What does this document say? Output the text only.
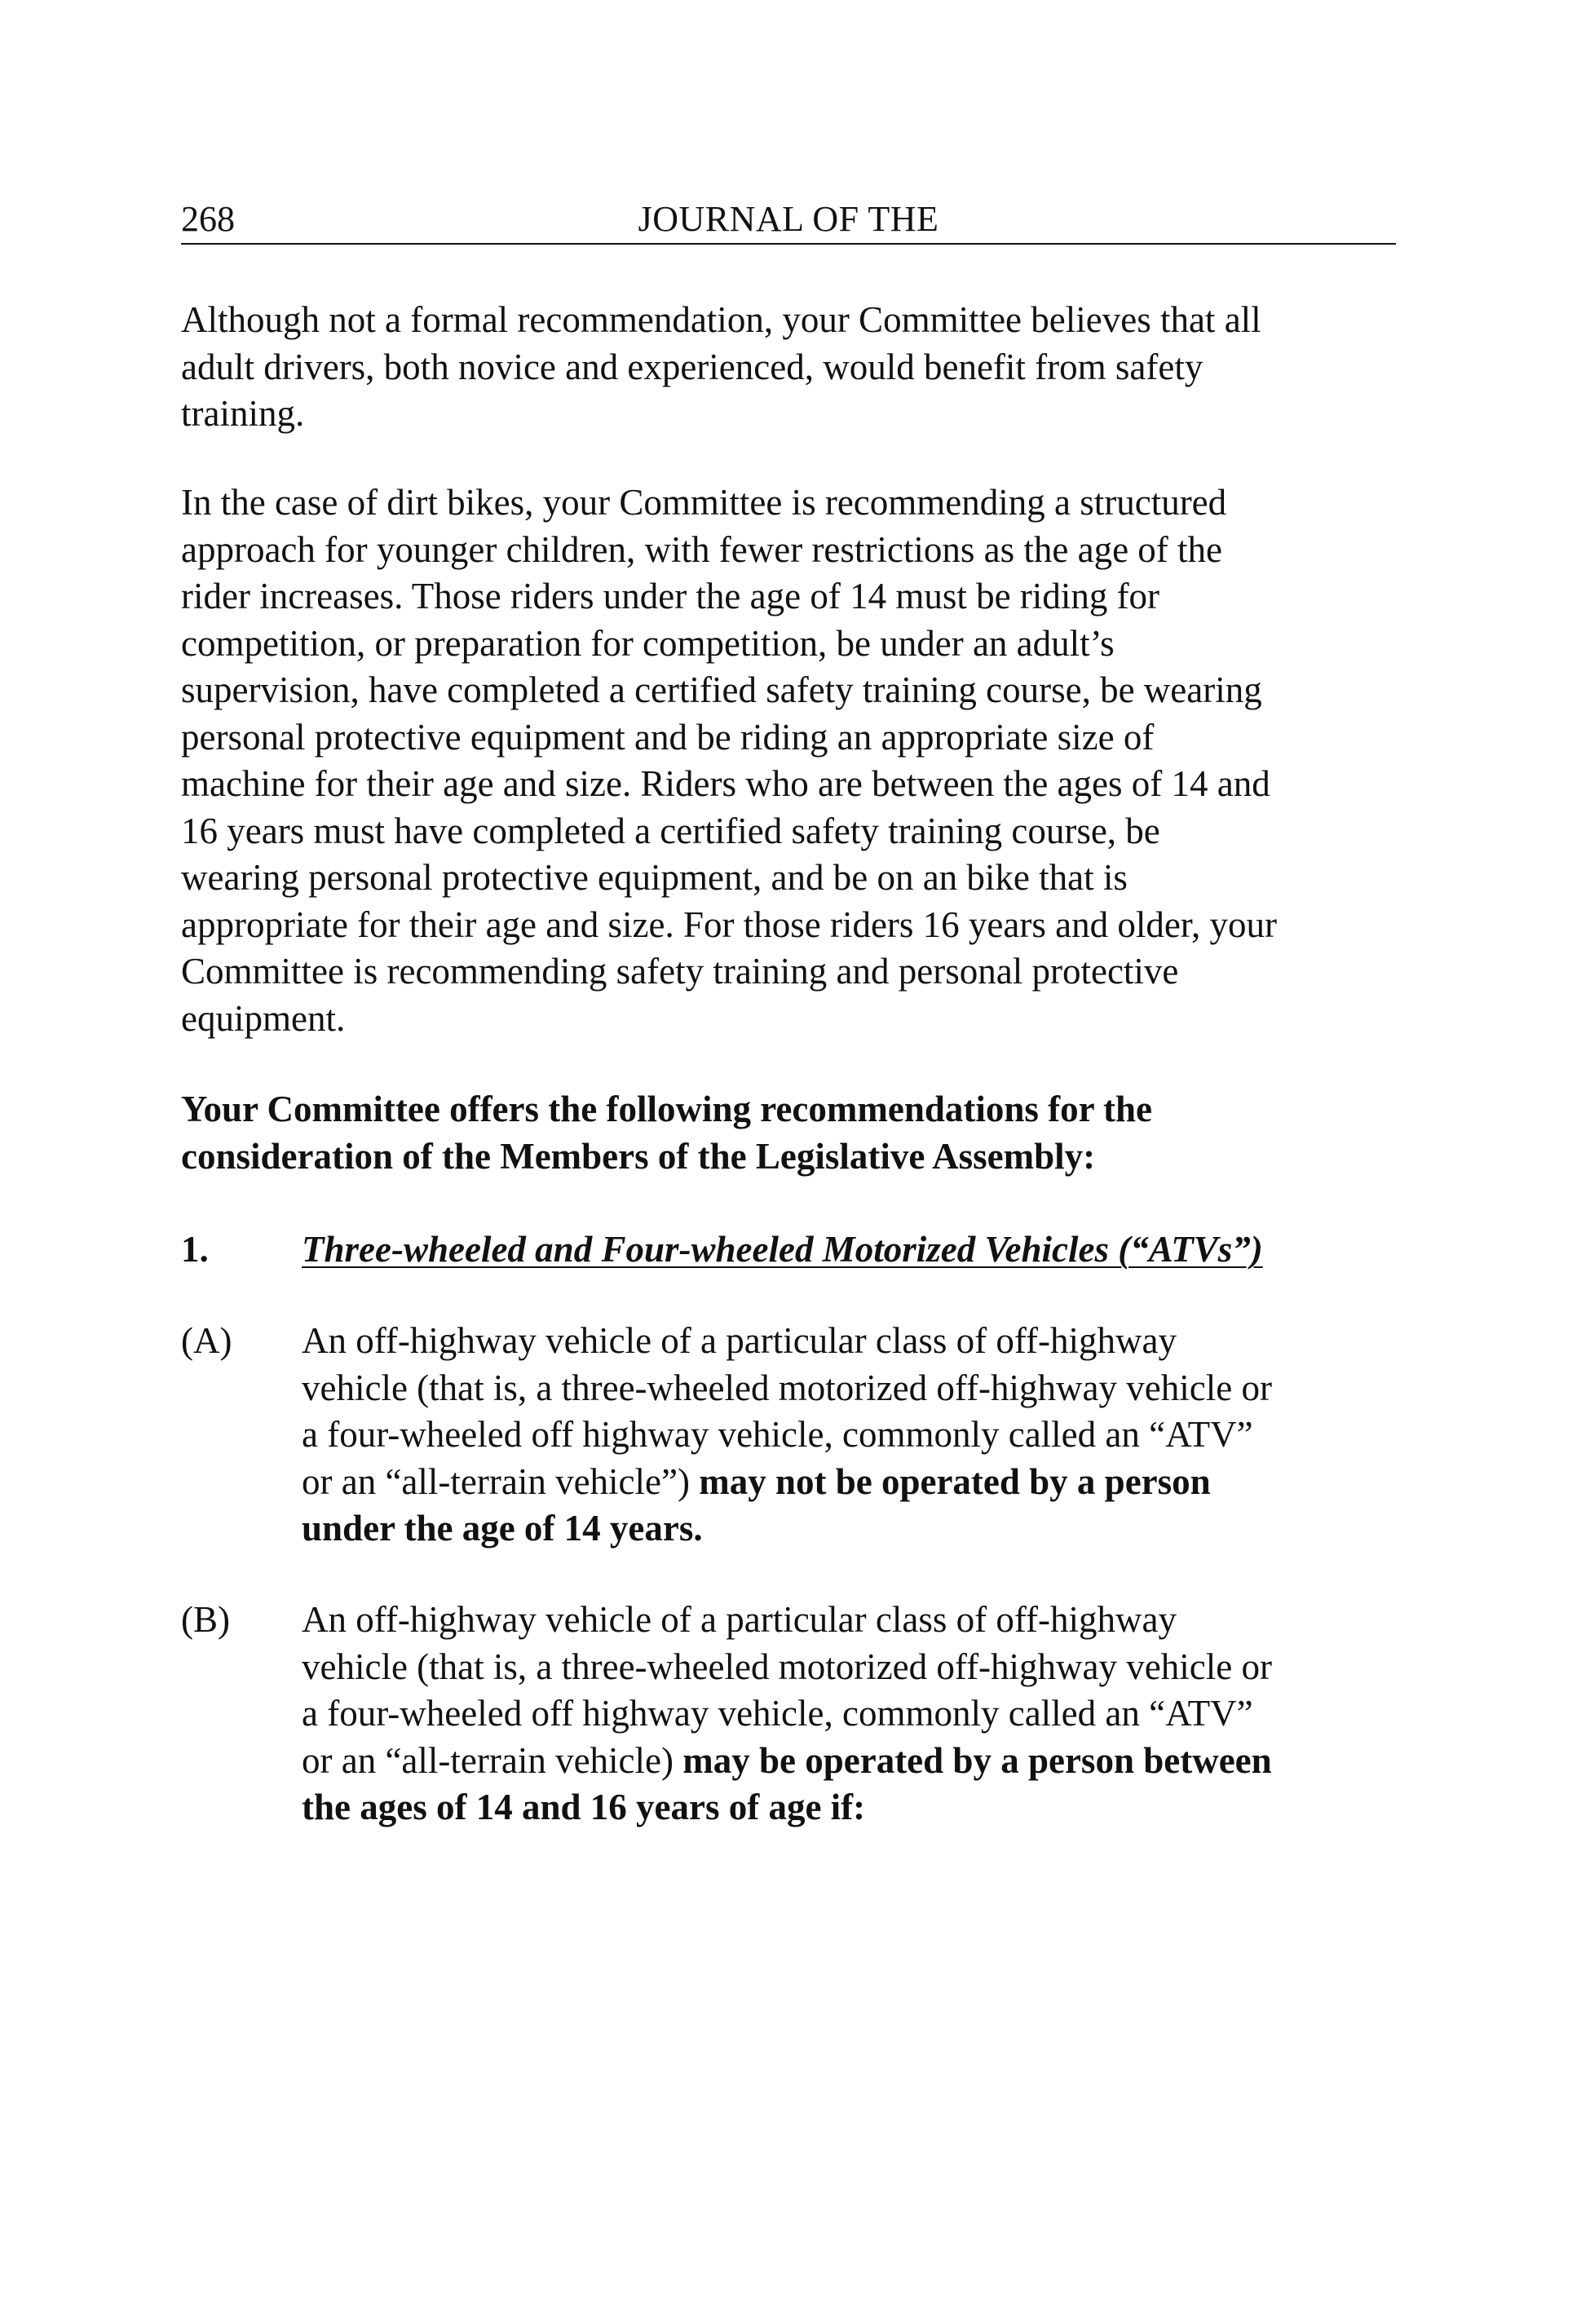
268	JOURNAL OF THE

Although not a formal recommendation, your Committee believes that all
adult drivers, both novice and experienced, would benefit from safety
training.

In the case of dirt bikes, your Committee is recommending a structured
approach for younger children, with fewer restrictions as the age of the
rider increases. Those riders under the age of 14 must be riding for
competition, or preparation for competition, be under an adult’s
supervision, have completed a certified safety training course, be wearing
personal protective equipment and be riding an appropriate size of
machine for their age and size. Riders who are between the ages of 14 and
16 years must have completed a certified safety training course, be
wearing personal protective equipment, and be on an bike that is
appropriate for their age and size. For those riders 16 years and older, your
Committee is recommending safety training and personal protective
equipment.

Your Committee offers the following recommendations for the
consideration of the Members of the Legislative Assembly:

1.	Three-wheeled and Four-wheeled Motorized Vehicles (“ATVs”)
(A) An off-highway vehicle of a particular class of off-highway
vehicle (that is, a three-wheeled motorized off-highway vehicle or
a four-wheeled off highway vehicle, commonly called an “ATV”
or an “all-terrain vehicle”) may not be operated by a person
under the age of 14 years.
(B) An off-highway vehicle of a particular class of off-highway
vehicle (that is, a three-wheeled motorized off-highway vehicle or
a four-wheeled off highway vehicle, commonly called an “ATV”
or an “all-terrain vehicle) may be operated by a person between
the ages of 14 and 16 years of age if:
